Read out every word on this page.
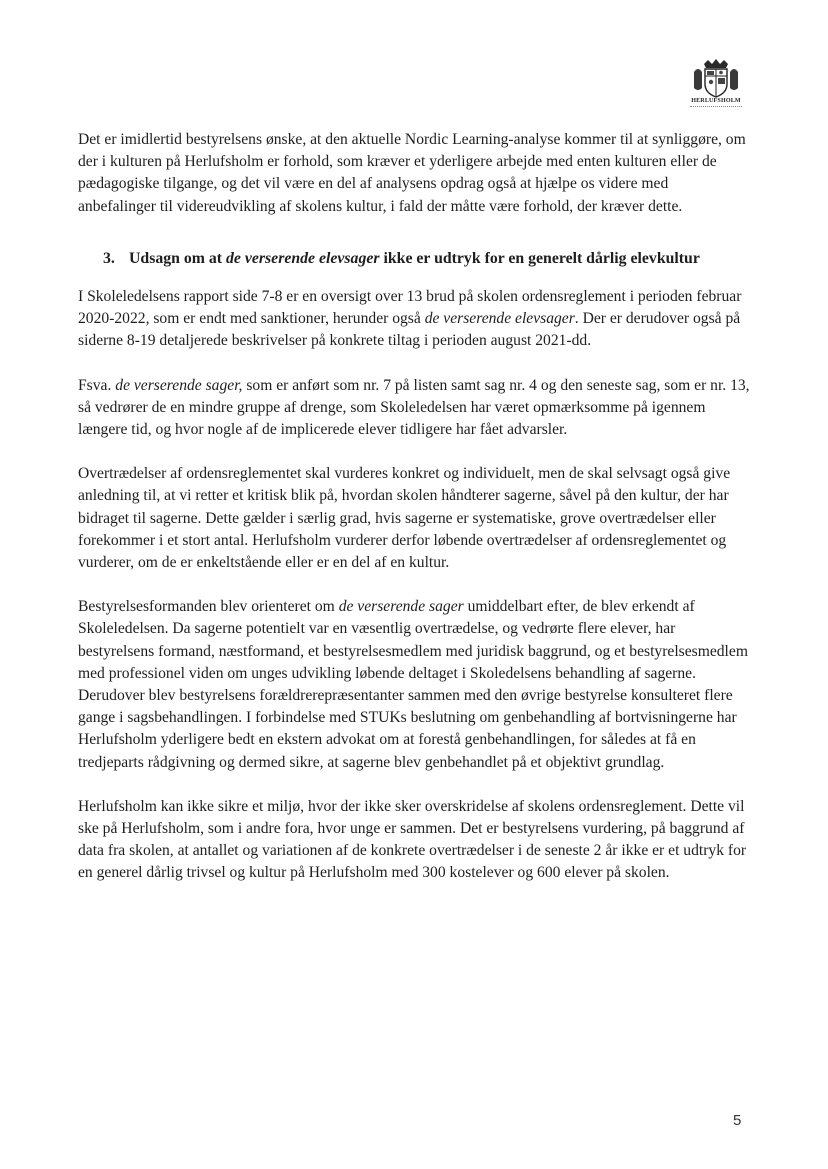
HERLUFSHOLM

Det er imidlertid bestyrelsens ønske, at den aktuelle Nordic Learning-analyse kommer til at synliggøre, om der i kulturen på Herlufsholm er forhold, som kræver et yderligere arbejde med enten kulturen eller de pædagogiske tilgange, og det vil være en del af analysens opdrag også at hjælpe os videre med anbefalinger til videreudvikling af skolens kultur, i fald der måtte være forhold, der kræver dette.

3. Udsagn om at de verserende elevsager ikke er udtryk for en generelt dårlig elevkultur

I Skoleledelsens rapport side 7-8 er en oversigt over 13 brud på skolen ordensreglement i perioden februar 2020-2022, som er endt med sanktioner, herunder også de verserende elevsager. Der er derudover også på siderne 8-19 detaljerede beskrivelser på konkrete tiltag i perioden august 2021-dd.

Fsva. de verserende sager, som er anført som nr. 7 på listen samt sag nr. 4 og den seneste sag, som er nr. 13, så vedrører de en mindre gruppe af drenge, som Skoleledelsen har været opmærksomme på igennem længere tid, og hvor nogle af de implicerede elever tidligere har fået advarsler.

Overtrædelser af ordensreglementet skal vurderes konkret og individuelt, men de skal selvsagt også give anledning til, at vi retter et kritisk blik på, hvordan skolen håndterer sagerne, såvel på den kultur, der har bidraget til sagerne. Dette gælder i særlig grad, hvis sagerne er systematiske, grove overtrædelser eller forekommer i et stort antal. Herlufsholm vurderer derfor løbende overtrædelser af ordensreglementet og vurderer, om de er enkeltstående eller er en del af en kultur.

Bestyrelsesformanden blev orienteret om de verserende sager umiddelbart efter, de blev erkendt af Skoleledelsen. Da sagerne potentielt var en væsentlig overtrædelse, og vedrørte flere elever, har bestyrelsens formand, næstformand, et bestyrelsesmedlem med juridisk baggrund, og et bestyrelsesmedlem med professionel viden om unges udvikling løbende deltaget i Skoledelsens behandling af sagerne. Derudover blev bestyrelsens forældrerepræsentanter sammen med den øvrige bestyrelse konsulteret flere gange i sagsbehandlingen. I forbindelse med STUKs beslutning om genbehandling af bortvisningerne har Herlufsholm yderligere bedt en ekstern advokat om at forestå genbehandlingen, for således at få en tredjeparts rådgivning og dermed sikre, at sagerne blev genbehandlet på et objektivt grundlag.

Herlufsholm kan ikke sikre et miljø, hvor der ikke sker overskridelse af skolens ordensreglement. Dette vil ske på Herlufsholm, som i andre fora, hvor unge er sammen. Det er bestyrelsens vurdering, på baggrund af data fra skolen, at antallet og variationen af de konkrete overtrædelser i de seneste 2 år ikke er et udtryk for en generel dårlig trivsel og kultur på Herlufsholm med 300 kostelever og 600 elever på skolen.

5
